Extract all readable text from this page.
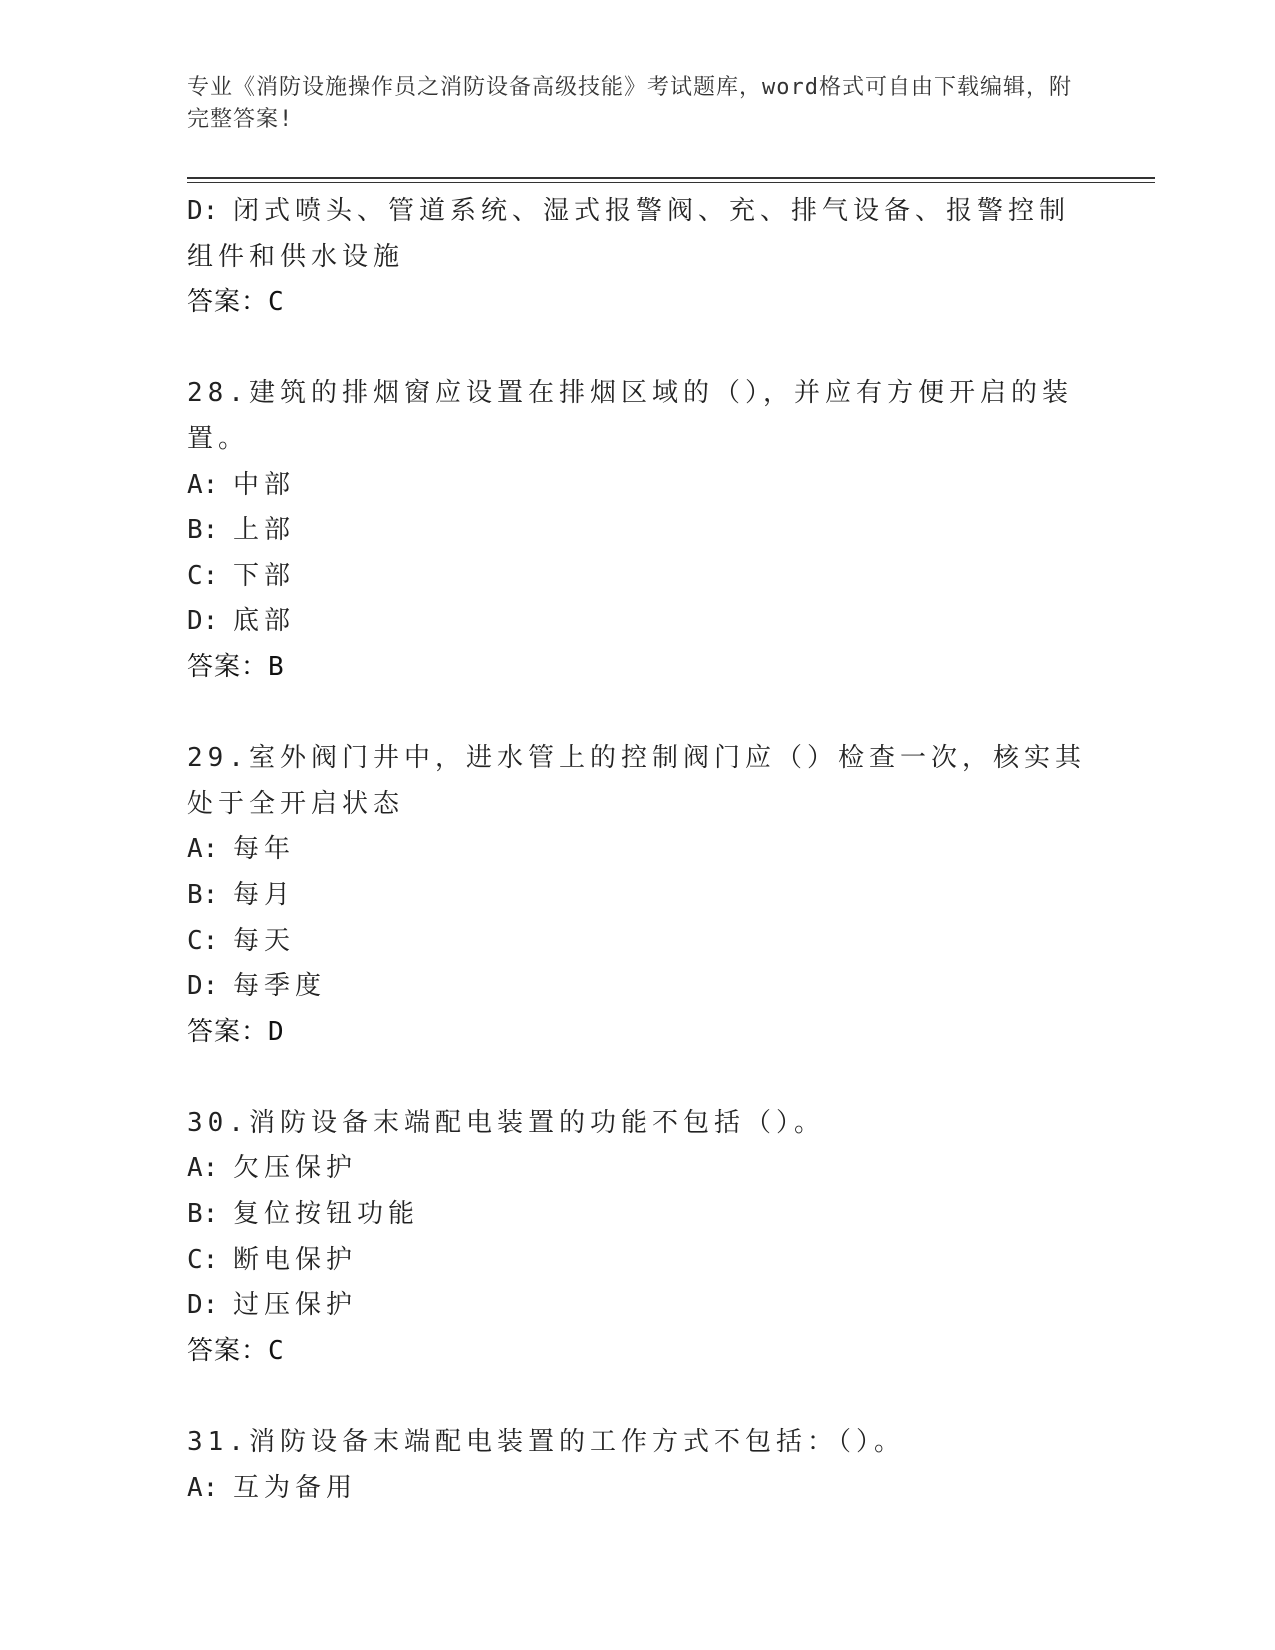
专业《消防设施操作员之消防设备高级技能》考试题库，word格式可自由下载编辑，附完整答案!
D: 闭式喷头、管道系统、湿式报警阀、充、排气设备、报警控制组件和供水设施
答案：C
28.建筑的排烟窗应设置在排烟区域的（），并应有方便开启的装置。
A: 中部
B: 上部
C: 下部
D: 底部
答案：B
29.室外阀门井中，进水管上的控制阀门应（）检查一次，核实其处于全开启状态
A: 每年
B: 每月
C: 每天
D: 每季度
答案：D
30.消防设备末端配电装置的功能不包括（）。
A: 欠压保护
B: 复位按钮功能
C: 断电保护
D: 过压保护
答案：C
31.消防设备末端配电装置的工作方式不包括：（）。
A: 互为备用
